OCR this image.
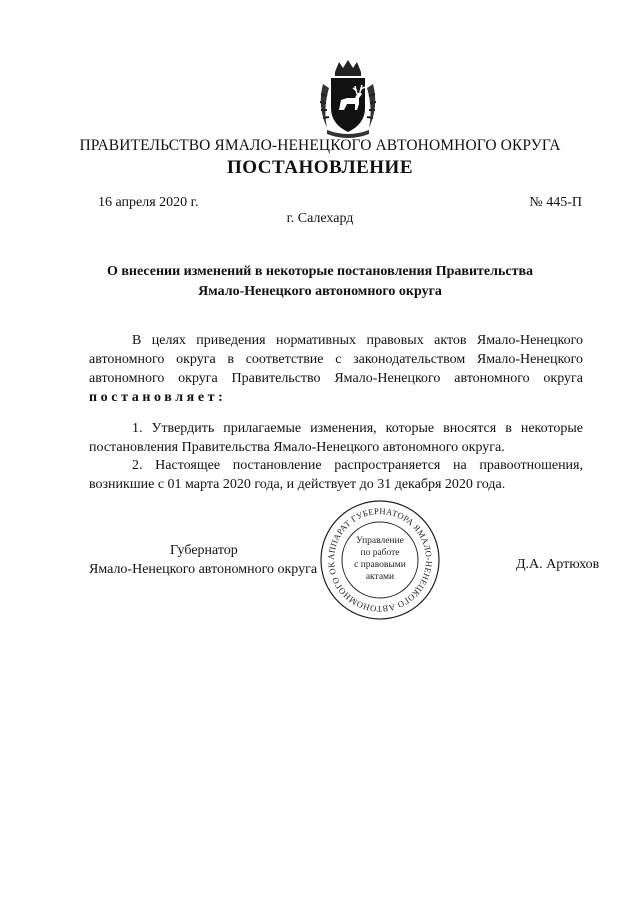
ПРАВИТЕЛЬСТВО ЯМАЛО-НЕНЕЦКОГО АВТОНОМНОГО ОКРУГА
ПОСТАНОВЛЕНИЕ
16 апреля 2020 г.	№ 445-П
г. Салехард
О внесении изменений в некоторые постановления Правительства
Ямало-Ненецкого автономного округа
В целях приведения нормативных правовых актов Ямало-Ненецкого автономного округа в соответствие с законодательством Ямало-Ненецкого автономного округа Правительство Ямало-Ненецкого автономного округа постановляет:
1. Утвердить прилагаемые изменения, которые вносятся в некоторые постановления Правительства Ямало-Ненецкого автономного округа.
2. Настоящее постановление распространяется на правоотношения, возникшие с 01 марта 2020 года, и действует до 31 декабря 2020 года.
Губернатор
Ямало-Ненецкого автономного округа	Д.А. Артюхов
АППАРАТ ГУБЕРНАТОРА ЯМАЛО-НЕНЕЦКОГО АВТОНОМНОГО ОК
Управление
по работе
с правовыми
актами
